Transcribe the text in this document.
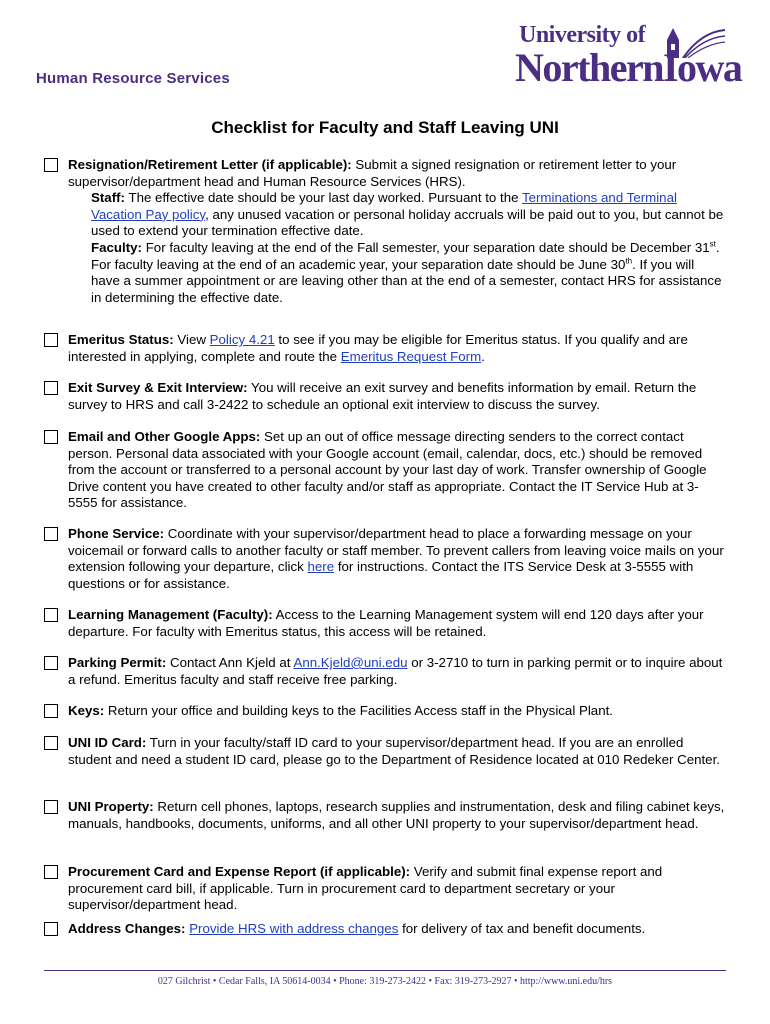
Human Resource Services
University of
NorthernIowa
Checklist for Faculty and Staff Leaving UNI
Resignation/Retirement Letter (if applicable): Submit a signed resignation or retirement letter to your supervisor/department head and Human Resource Services (HRS).
Staff: The effective date should be your last day worked. Pursuant to the Terminations and Terminal Vacation Pay policy, any unused vacation or personal holiday accruals will be paid out to you, but cannot be used to extend your termination effective date.
Faculty: For faculty leaving at the end of the Fall semester, your separation date should be December 31st. For faculty leaving at the end of an academic year, your separation date should be June 30th. If you will have a summer appointment or are leaving other than at the end of a semester, contact HRS for assistance in determining the effective date.
Emeritus Status: View Policy 4.21 to see if you may be eligible for Emeritus status. If you qualify and are interested in applying, complete and route the Emeritus Request Form.
Exit Survey & Exit Interview: You will receive an exit survey and benefits information by email. Return the survey to HRS and call 3-2422 to schedule an optional exit interview to discuss the survey.
Email and Other Google Apps: Set up an out of office message directing senders to the correct contact person. Personal data associated with your Google account (email, calendar, docs, etc.) should be removed from the account or transferred to a personal account by your last day of work. Transfer ownership of Google Drive content you have created to other faculty and/or staff as appropriate. Contact the IT Service Hub at 3-5555 for assistance.
Phone Service: Coordinate with your supervisor/department head to place a forwarding message on your voicemail or forward calls to another faculty or staff member. To prevent callers from leaving voice mails on your extension following your departure, click here for instructions. Contact the ITS Service Desk at 3-5555 with questions or for assistance.
Learning Management (Faculty): Access to the Learning Management system will end 120 days after your departure. For faculty with Emeritus status, this access will be retained.
Parking Permit: Contact Ann Kjeld at Ann.Kjeld@uni.edu or 3-2710 to turn in parking permit or to inquire about a refund. Emeritus faculty and staff receive free parking.
Keys: Return your office and building keys to the Facilities Access staff in the Physical Plant.
UNI ID Card: Turn in your faculty/staff ID card to your supervisor/department head. If you are an enrolled student and need a student ID card, please go to the Department of Residence located at 010 Redeker Center.
UNI Property: Return cell phones, laptops, research supplies and instrumentation, desk and filing cabinet keys, manuals, handbooks, documents, uniforms, and all other UNI property to your supervisor/department head.
Procurement Card and Expense Report (if applicable): Verify and submit final expense report and procurement card bill, if applicable. Turn in procurement card to department secretary or your supervisor/department head.
Address Changes: Provide HRS with address changes for delivery of tax and benefit documents.
027 Gilchrist • Cedar Falls, IA 50614-0034 • Phone: 319-273-2422 • Fax: 319-273-2927 • http://www.uni.edu/hrs
